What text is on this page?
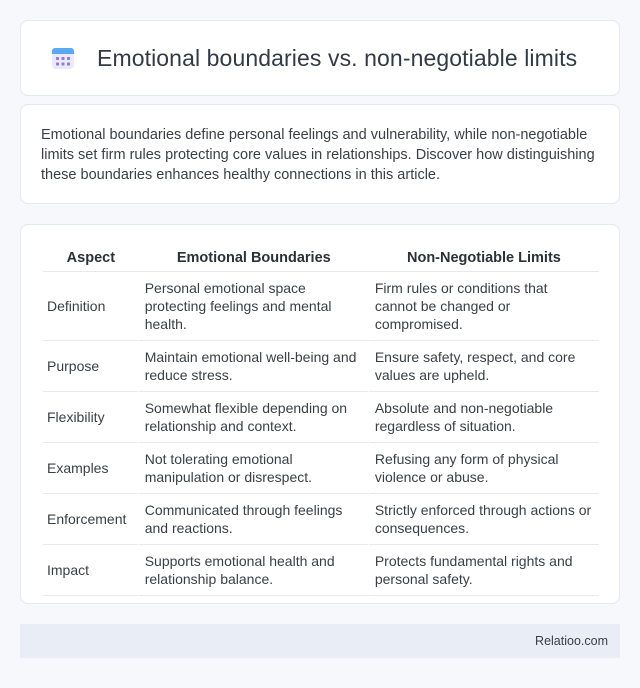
Emotional boundaries vs. non-negotiable limits

Emotional boundaries define personal feelings and vulnerability, while non-negotiable limits set firm rules protecting core values in relationships. Discover how distinguishing these boundaries enhances healthy connections in this article.

Aspect	Emotional Boundaries	Non-Negotiable Limits
Definition	Personal emotional space protecting feelings and mental health.	Firm rules or conditions that cannot be changed or compromised.
Purpose	Maintain emotional well-being and reduce stress.	Ensure safety, respect, and core values are upheld.
Flexibility	Somewhat flexible depending on relationship and context.	Absolute and non-negotiable regardless of situation.
Examples	Not tolerating emotional manipulation or disrespect.	Refusing any form of physical violence or abuse.
Enforcement	Communicated through feelings and reactions.	Strictly enforced through actions or consequences.
Impact	Supports emotional health and relationship balance.	Protects fundamental rights and personal safety.
Relatioo.com
